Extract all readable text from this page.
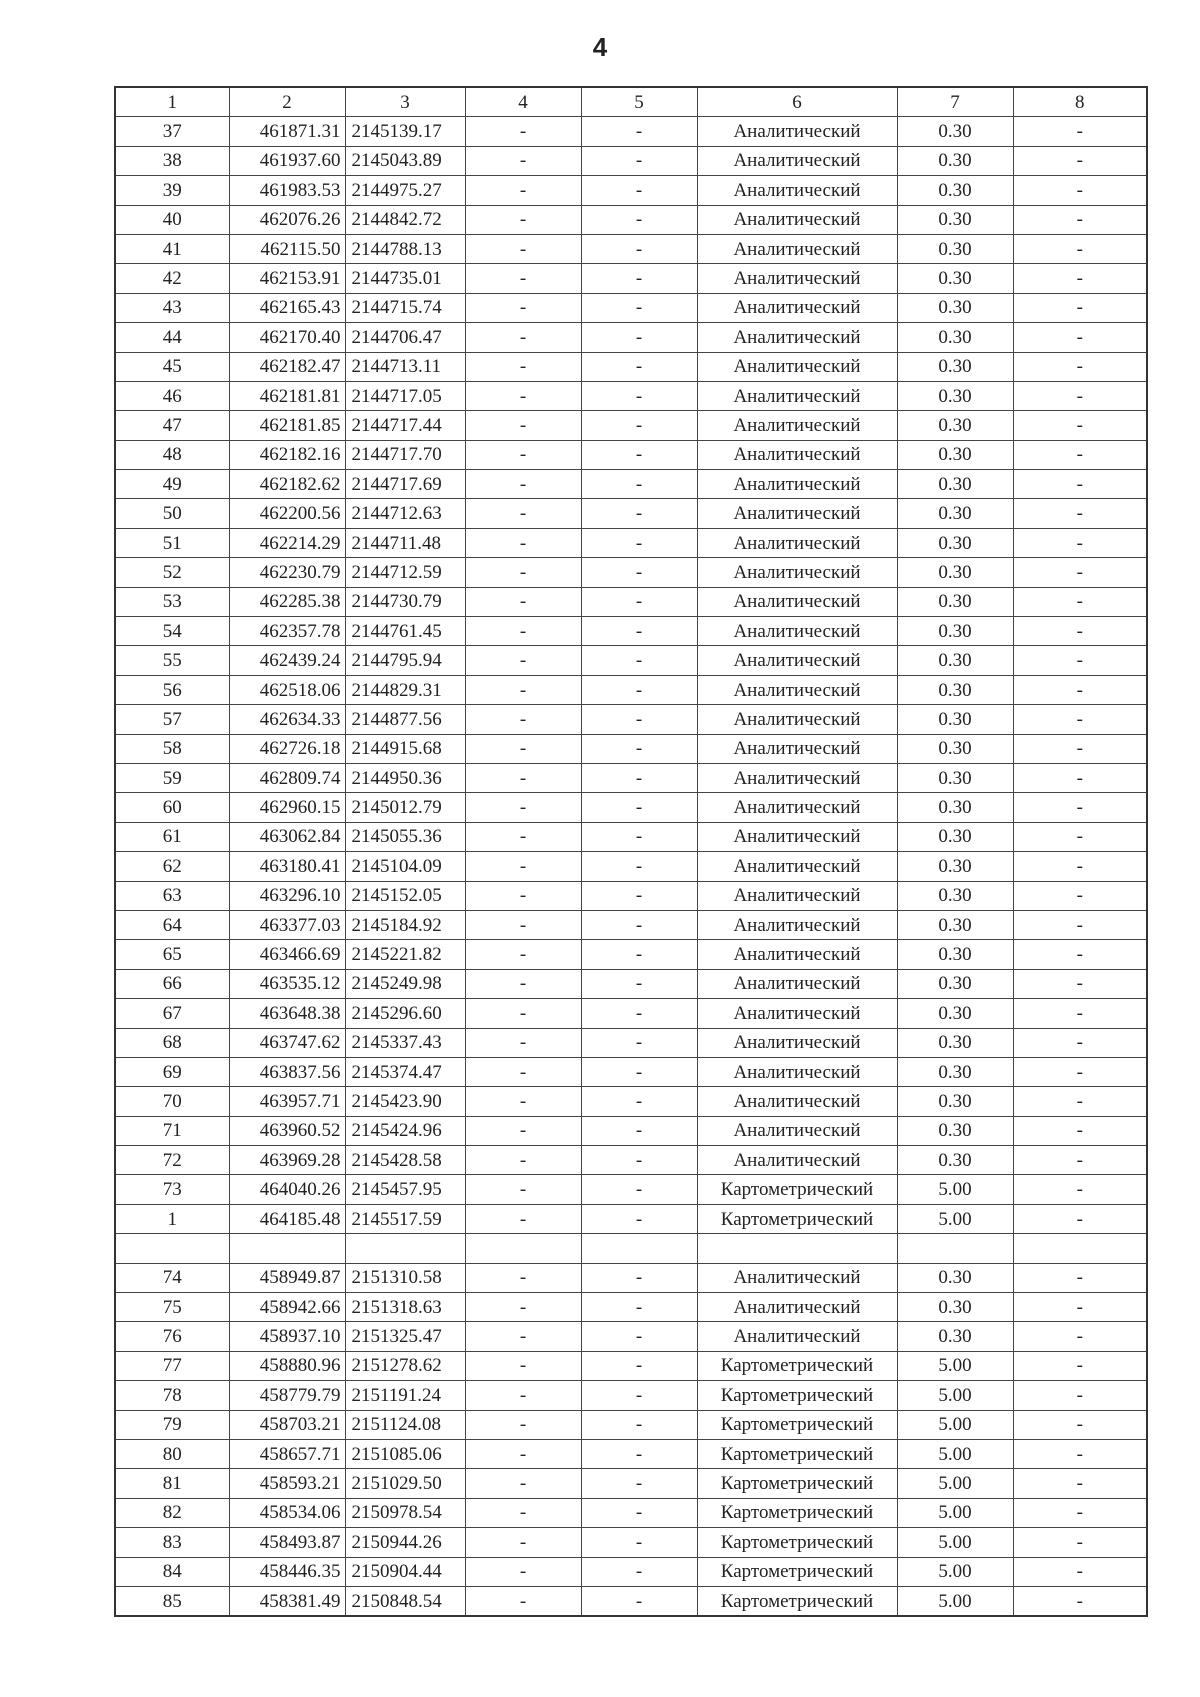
4
1	2	3	4	5	6	7	8
37	461871.31	2145139.17	-	-	Аналитический	0.30	-
38	461937.60	2145043.89	-	-	Аналитический	0.30	-
39	461983.53	2144975.27	-	-	Аналитический	0.30	-
40	462076.26	2144842.72	-	-	Аналитический	0.30	-
41	462115.50	2144788.13	-	-	Аналитический	0.30	-
42	462153.91	2144735.01	-	-	Аналитический	0.30	-
43	462165.43	2144715.74	-	-	Аналитический	0.30	-
44	462170.40	2144706.47	-	-	Аналитический	0.30	-
45	462182.47	2144713.11	-	-	Аналитический	0.30	-
46	462181.81	2144717.05	-	-	Аналитический	0.30	-
47	462181.85	2144717.44	-	-	Аналитический	0.30	-
48	462182.16	2144717.70	-	-	Аналитический	0.30	-
49	462182.62	2144717.69	-	-	Аналитический	0.30	-
50	462200.56	2144712.63	-	-	Аналитический	0.30	-
51	462214.29	2144711.48	-	-	Аналитический	0.30	-
52	462230.79	2144712.59	-	-	Аналитический	0.30	-
53	462285.38	2144730.79	-	-	Аналитический	0.30	-
54	462357.78	2144761.45	-	-	Аналитический	0.30	-
55	462439.24	2144795.94	-	-	Аналитический	0.30	-
56	462518.06	2144829.31	-	-	Аналитический	0.30	-
57	462634.33	2144877.56	-	-	Аналитический	0.30	-
58	462726.18	2144915.68	-	-	Аналитический	0.30	-
59	462809.74	2144950.36	-	-	Аналитический	0.30	-
60	462960.15	2145012.79	-	-	Аналитический	0.30	-
61	463062.84	2145055.36	-	-	Аналитический	0.30	-
62	463180.41	2145104.09	-	-	Аналитический	0.30	-
63	463296.10	2145152.05	-	-	Аналитический	0.30	-
64	463377.03	2145184.92	-	-	Аналитический	0.30	-
65	463466.69	2145221.82	-	-	Аналитический	0.30	-
66	463535.12	2145249.98	-	-	Аналитический	0.30	-
67	463648.38	2145296.60	-	-	Аналитический	0.30	-
68	463747.62	2145337.43	-	-	Аналитический	0.30	-
69	463837.56	2145374.47	-	-	Аналитический	0.30	-
70	463957.71	2145423.90	-	-	Аналитический	0.30	-
71	463960.52	2145424.96	-	-	Аналитический	0.30	-
72	463969.28	2145428.58	-	-	Аналитический	0.30	-
73	464040.26	2145457.95	-	-	Картометрический	5.00	-
1	464185.48	2145517.59	-	-	Картометрический	5.00	-

74	458949.87	2151310.58	-	-	Аналитический	0.30	-
75	458942.66	2151318.63	-	-	Аналитический	0.30	-
76	458937.10	2151325.47	-	-	Аналитический	0.30	-
77	458880.96	2151278.62	-	-	Картометрический	5.00	-
78	458779.79	2151191.24	-	-	Картометрический	5.00	-
79	458703.21	2151124.08	-	-	Картометрический	5.00	-
80	458657.71	2151085.06	-	-	Картометрический	5.00	-
81	458593.21	2151029.50	-	-	Картометрический	5.00	-
82	458534.06	2150978.54	-	-	Картометрический	5.00	-
83	458493.87	2150944.26	-	-	Картометрический	5.00	-
84	458446.35	2150904.44	-	-	Картометрический	5.00	-
85	458381.49	2150848.54	-	-	Картометрический	5.00	-
